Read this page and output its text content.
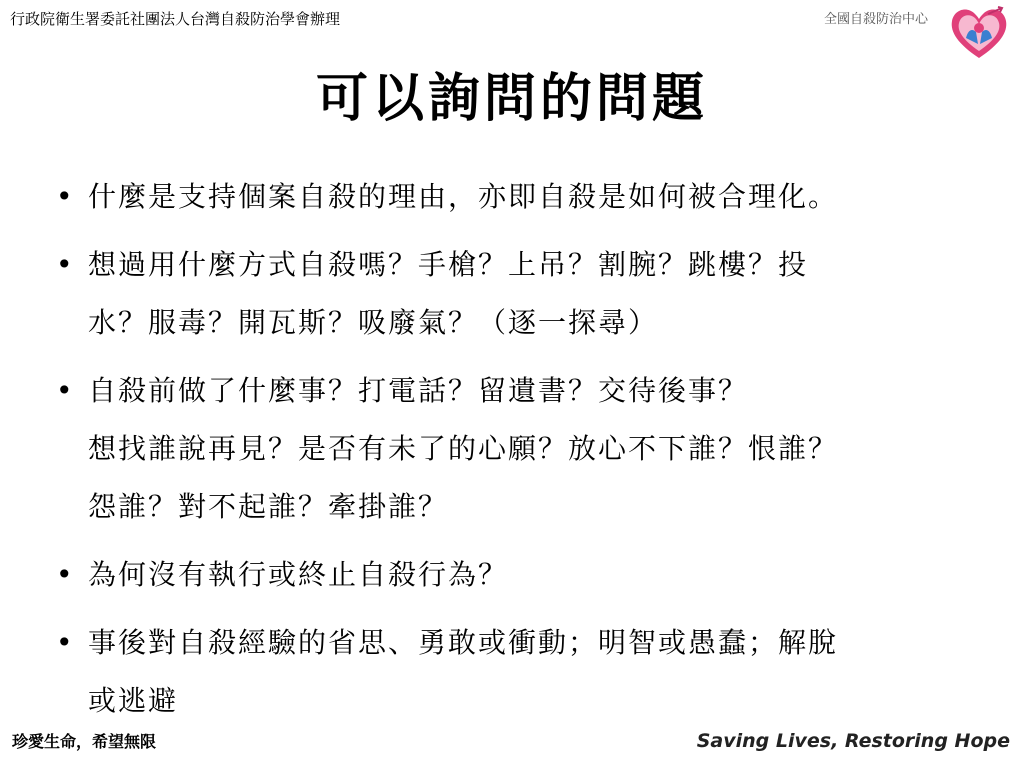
行政院衛生署委託社團法人台灣自殺防治學會辦理	全國自殺防治中心
可以詢問的問題
• 什麼是支持個案自殺的理由，亦即自殺是如何被合理化。
• 想過用什麼方式自殺嗎？手槍？上吊？割腕？跳樓？投
水？服毒？開瓦斯？吸廢氣？（逐一探尋）
• 自殺前做了什麼事？打電話？留遺書？交待後事？
想找誰說再見？是否有未了的心願？放心不下誰？恨誰？
怨誰？對不起誰？牽掛誰？
• 為何沒有執行或終止自殺行為？
• 事後對自殺經驗的省思、勇敢或衝動；明智或愚蠢；解脫
或逃避
珍愛生命，希望無限	Saving Lives, Restoring Hope
